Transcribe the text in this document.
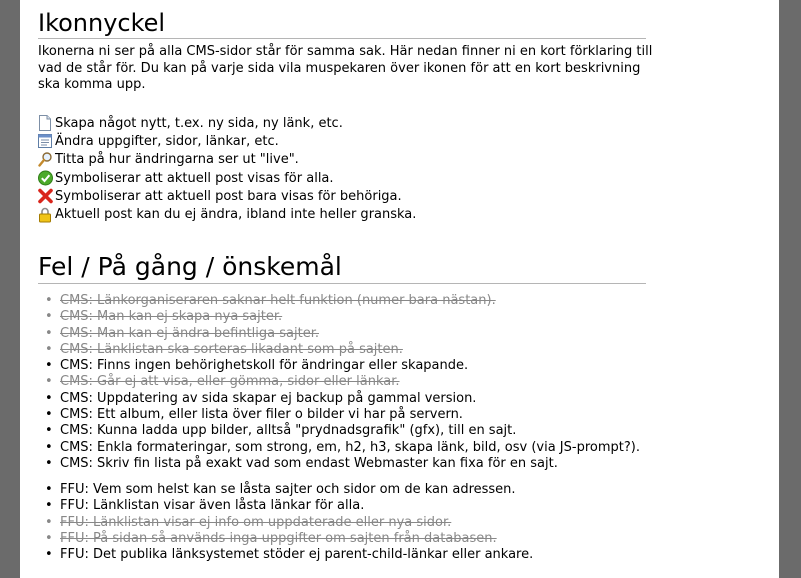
Ikonnyckel

Ikonerna ni ser på alla CMS-sidor står för samma sak. Här nedan finner ni en kort förklaring till vad de står för. Du kan på varje sida vila muspekaren över ikonen för att en kort beskrivning ska komma upp.

Skapa något nytt, t.ex. ny sida, ny länk, etc.
Ändra uppgifter, sidor, länkar, etc.
Titta på hur ändringarna ser ut "live".
Symboliserar att aktuell post visas för alla.
Symboliserar att aktuell post bara visas för behöriga.
Aktuell post kan du ej ändra, ibland inte heller granska.
Fel / På gång / önskemål
• CMS: Länkorganiseraren saknar helt funktion (numer bara nästan).
• CMS: Man kan ej skapa nya sajter.
• CMS: Man kan ej ändra befintliga sajter.
• CMS: Länklistan ska sorteras likadant som på sajten.
• CMS: Finns ingen behörighetskoll för ändringar eller skapande.
• CMS: Går ej att visa, eller gömma, sidor eller länkar.
• CMS: Uppdatering av sida skapar ej backup på gammal version.
• CMS: Ett album, eller lista över filer o bilder vi har på servern.
• CMS: Kunna ladda upp bilder, alltså "prydnadsgrafik" (gfx), till en sajt.
• CMS: Enkla formateringar, som strong, em, h2, h3, skapa länk, bild, osv (via JS-prompt?).
• CMS: Skriv fin lista på exakt vad som endast Webmaster kan fixa för en sajt.
• FFU: Vem som helst kan se låsta sajter och sidor om de kan adressen.
• FFU: Länklistan visar även låsta länkar för alla.
• FFU: Länklistan visar ej info om uppdaterade eller nya sidor.
• FFU: På sidan så används inga uppgifter om sajten från databasen.
• FFU: Det publika länksystemet stöder ej parent-child-länkar eller ankare.
